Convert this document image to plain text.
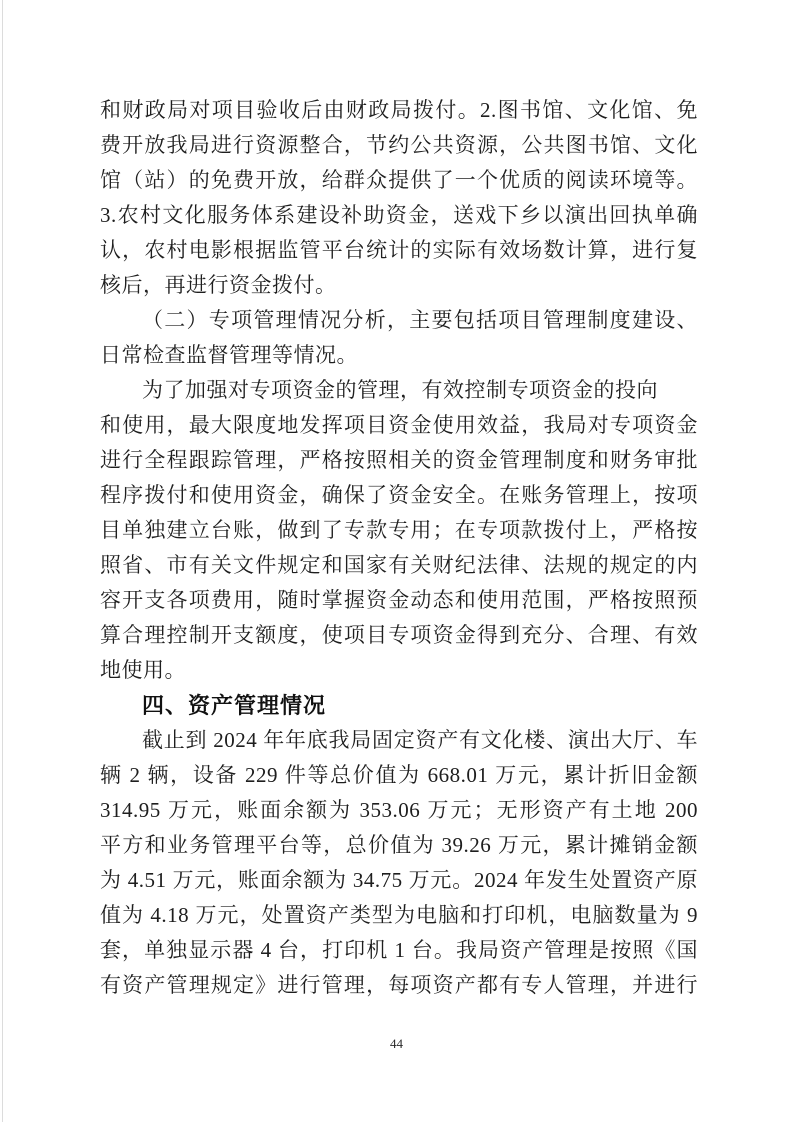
和财政局对项目验收后由财政局拨付。2.图书馆、文化馆、免
费开放我局进行资源整合，节约公共资源，公共图书馆、文化
馆（站）的免费开放，给群众提供了一个优质的阅读环境等。
3.农村文化服务体系建设补助资金，送戏下乡以演出回执单确
认，农村电影根据监管平台统计的实际有效场数计算，进行复
核后，再进行资金拨付。
（二）专项管理情况分析，主要包括项目管理制度建设、
日常检查监督管理等情况。
为了加强对专项资金的管理，有效控制专项资金的投向
和使用，最大限度地发挥项目资金使用效益，我局对专项资金
进行全程跟踪管理，严格按照相关的资金管理制度和财务审批
程序拨付和使用资金，确保了资金安全。在账务管理上，按项
目单独建立台账，做到了专款专用；在专项款拨付上，严格按
照省、市有关文件规定和国家有关财纪法律、法规的规定的内
容开支各项费用，随时掌握资金动态和使用范围，严格按照预
算合理控制开支额度，使项目专项资金得到充分、合理、有效
地使用。
四、资产管理情况
截止到 2024 年年底我局固定资产有文化楼、演出大厅、车
辆 2 辆，设备 229 件等总价值为 668.01 万元，累计折旧金额
314.95 万元，账面余额为 353.06 万元；无形资产有土地 200
平方和业务管理平台等，总价值为 39.26 万元，累计摊销金额
为 4.51 万元，账面余额为 34.75 万元。2024 年发生处置资产原
值为 4.18 万元，处置资产类型为电脑和打印机，电脑数量为 9
套，单独显示器 4 台，打印机 1 台。我局资产管理是按照《国
有资产管理规定》进行管理，每项资产都有专人管理，并进行
44
